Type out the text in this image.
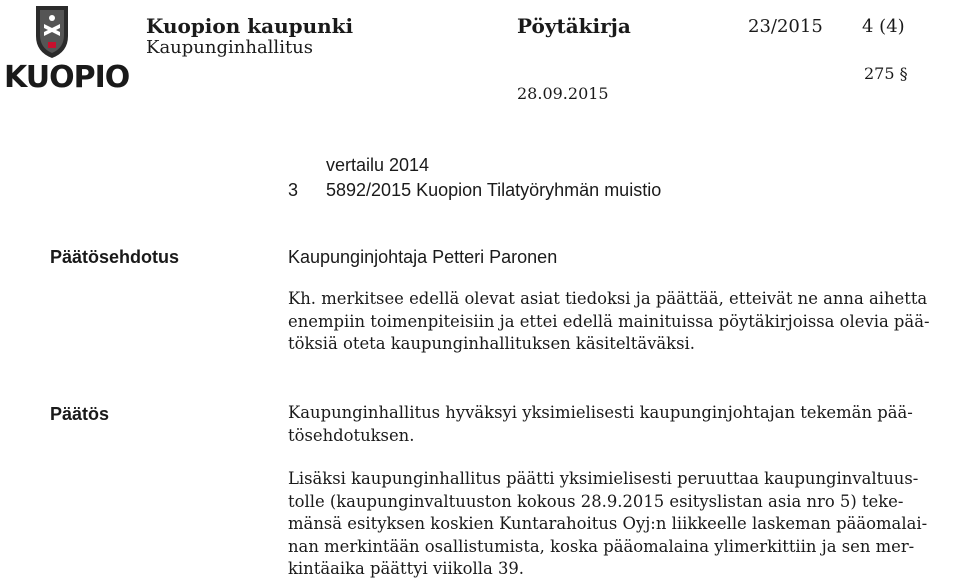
KUOPIO
Kuopion kaupunki
Kaupunginhallitus
Pöytäkirja	23/2015 4 (4)
275 §
28.09.2015
vertailu 2014
3 5892/2015 Kuopion Tilatyöryhmän muistio
Päätösehdotus	Kaupunginjohtaja Petteri Paronen
Kh. merkitsee edellä olevat asiat tiedoksi ja päättää, etteivät ne anna aihetta
enempiin toimenpiteisiin ja ettei edellä mainituissa pöytäkirjoissa olevia pää-
töksiä oteta kaupunginhallituksen käsiteltäväksi.
Päätös	Kaupunginhallitus hyväksyi yksimielisesti kaupunginjohtajan tekemän pää-
tösehdotuksen.
Lisäksi kaupunginhallitus päätti yksimielisesti peruuttaa kaupunginvaltuus-
tolle (kaupunginvaltuuston kokous 28.9.2015 esityslistan asia nro 5) teke-
mänsä esityksen koskien Kuntarahoitus Oyj:n liikkeelle laskeman pääomalai-
nan merkintään osallistumista, koska pääomalaina ylimerkittiin ja sen mer-
kintäaika päättyi viikolla 39.
